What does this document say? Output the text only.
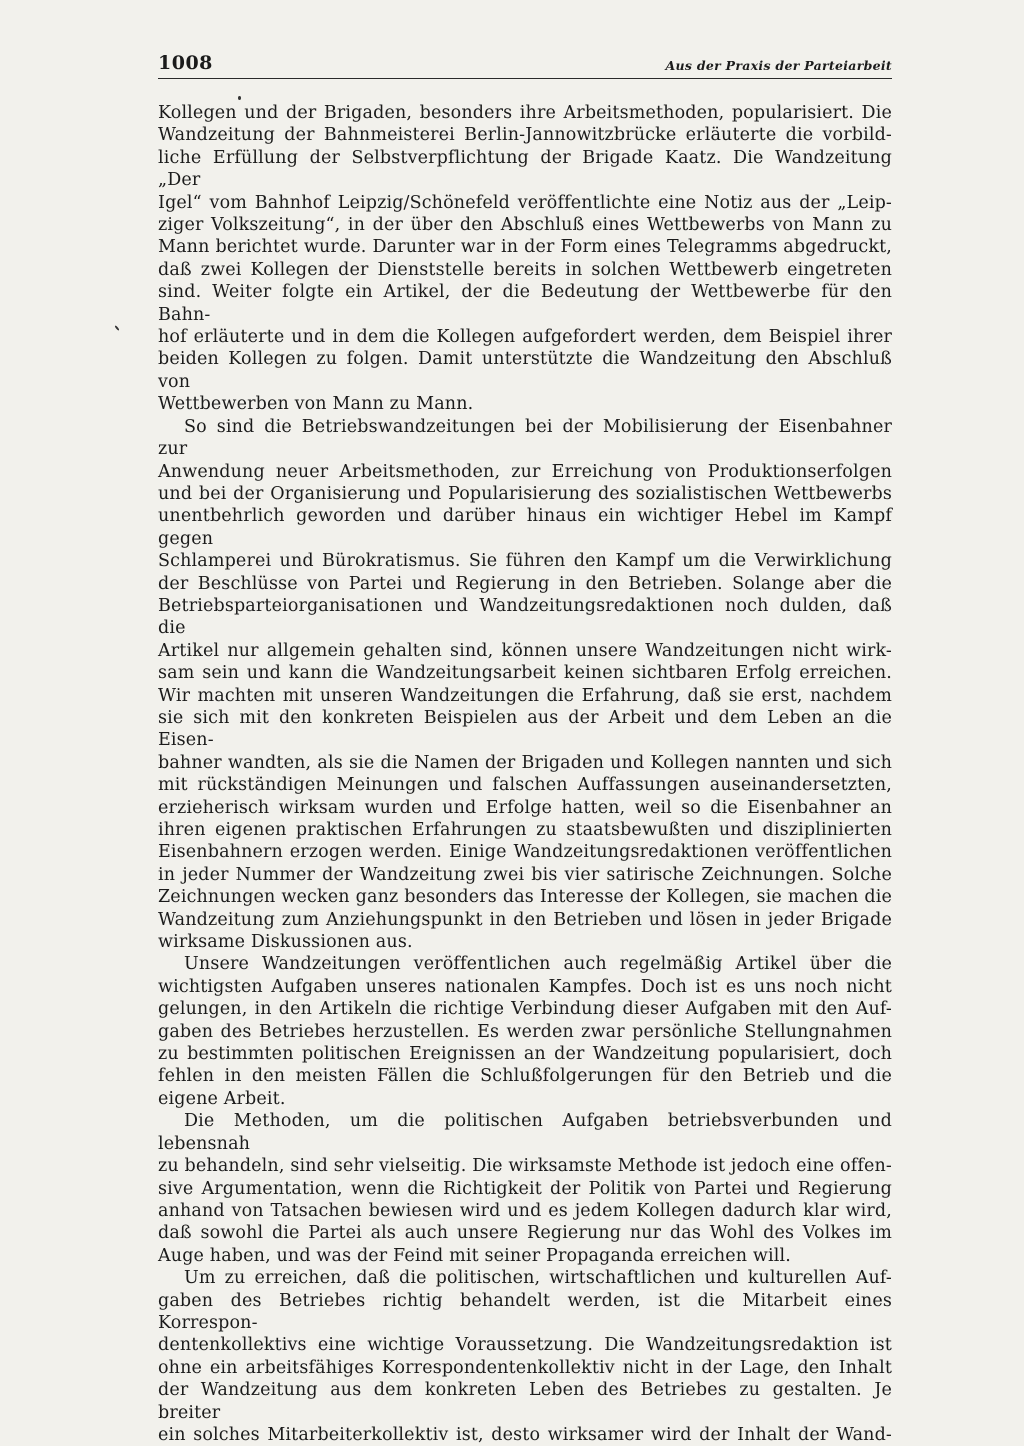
1008	Aus der Praxis der Parteiarbeit

Kollegen und der Brigaden, besonders ihre Arbeitsmethoden, popularisiert. Die

Wandzeitung der Bahnmeisterei Berlin-Jannowitzbrücke erläuterte die vorbild-

liche Erfüllung der Selbstverpflichtung der Brigade Kaatz. Die Wandzeitung „Der

Igel“ vom Bahnhof Leipzig/Schönefeld veröffentlichte eine Notiz aus der „Leip-

ziger Volkszeitung“, in der über den Abschluß eines Wettbewerbs von Mann zu

Mann berichtet wurde. Darunter war in der Form eines Telegramms abgedruckt,

daß zwei Kollegen der Dienststelle bereits in solchen Wettbewerb eingetreten

sind. Weiter folgte ein Artikel, der die Bedeutung der Wettbewerbe für den Bahn-

hof erläuterte und in dem die Kollegen aufgefordert werden, dem Beispiel ihrer

beiden Kollegen zu folgen. Damit unterstützte die Wandzeitung den Abschluß von

Wettbewerben von Mann zu Mann.

So sind die Betriebswandzeitungen bei der Mobilisierung der Eisenbahner zur

Anwendung neuer Arbeitsmethoden, zur Erreichung von Produktionserfolgen

und bei der Organisierung und Popularisierung des sozialistischen Wettbewerbs

unentbehrlich geworden und darüber hinaus ein wichtiger Hebel im Kampf gegen

Schlamperei und Bürokratismus. Sie führen den Kampf um die Verwirklichung

der Beschlüsse von Partei und Regierung in den Betrieben. Solange aber die

Betriebsparteiorganisationen und Wandzeitungsredaktionen noch dulden, daß die

Artikel nur allgemein gehalten sind, können unsere Wandzeitungen nicht wirk-

sam sein und kann die Wandzeitungsarbeit keinen sichtbaren Erfolg erreichen.

Wir machten mit unseren Wandzeitungen die Erfahrung, daß sie erst, nachdem

sie sich mit den konkreten Beispielen aus der Arbeit und dem Leben an die Eisen-

bahner wandten, als sie die Namen der Brigaden und Kollegen nannten und sich

mit rückständigen Meinungen und falschen Auffassungen auseinandersetzten,

erzieherisch wirksam wurden und Erfolge hatten, weil so die Eisenbahner an

ihren eigenen praktischen Erfahrungen zu staatsbewußten und disziplinierten

Eisenbahnern erzogen werden. Einige Wandzeitungsredaktionen veröffentlichen

in jeder Nummer der Wandzeitung zwei bis vier satirische Zeichnungen. Solche

Zeichnungen wecken ganz besonders das Interesse der Kollegen, sie machen die

Wandzeitung zum Anziehungspunkt in den Betrieben und lösen in jeder Brigade

wirksame Diskussionen aus.

Unsere Wandzeitungen veröffentlichen auch regelmäßig Artikel über die

wichtigsten Aufgaben unseres nationalen Kampfes. Doch ist es uns noch nicht

gelungen, in den Artikeln die richtige Verbindung dieser Aufgaben mit den Auf-

gaben des Betriebes herzustellen. Es werden zwar persönliche Stellungnahmen

zu bestimmten politischen Ereignissen an der Wandzeitung popularisiert, doch

fehlen in den meisten Fällen die Schlußfolgerungen für den Betrieb und die

eigene Arbeit.

Die Methoden, um die politischen Aufgaben betriebsverbunden und lebensnah

zu behandeln, sind sehr vielseitig. Die wirksamste Methode ist jedoch eine offen-

sive Argumentation, wenn die Richtigkeit der Politik von Partei und Regierung

anhand von Tatsachen bewiesen wird und es jedem Kollegen dadurch klar wird,

daß sowohl die Partei als auch unsere Regierung nur das Wohl des Volkes im

Auge haben, und was der Feind mit seiner Propaganda erreichen will.

Um zu erreichen, daß die politischen, wirtschaftlichen und kulturellen Auf-

gaben des Betriebes richtig behandelt werden, ist die Mitarbeit eines Korrespon-

dentenkollektivs eine wichtige Voraussetzung. Die Wandzeitungsredaktion ist

ohne ein arbeitsfähiges Korrespondentenkollektiv nicht in der Lage, den Inhalt

der Wandzeitung aus dem konkreten Leben des Betriebes zu gestalten. Je breiter

ein solches Mitarbeiterkollektiv ist, desto wirksamer wird der Inhalt der Wand-
